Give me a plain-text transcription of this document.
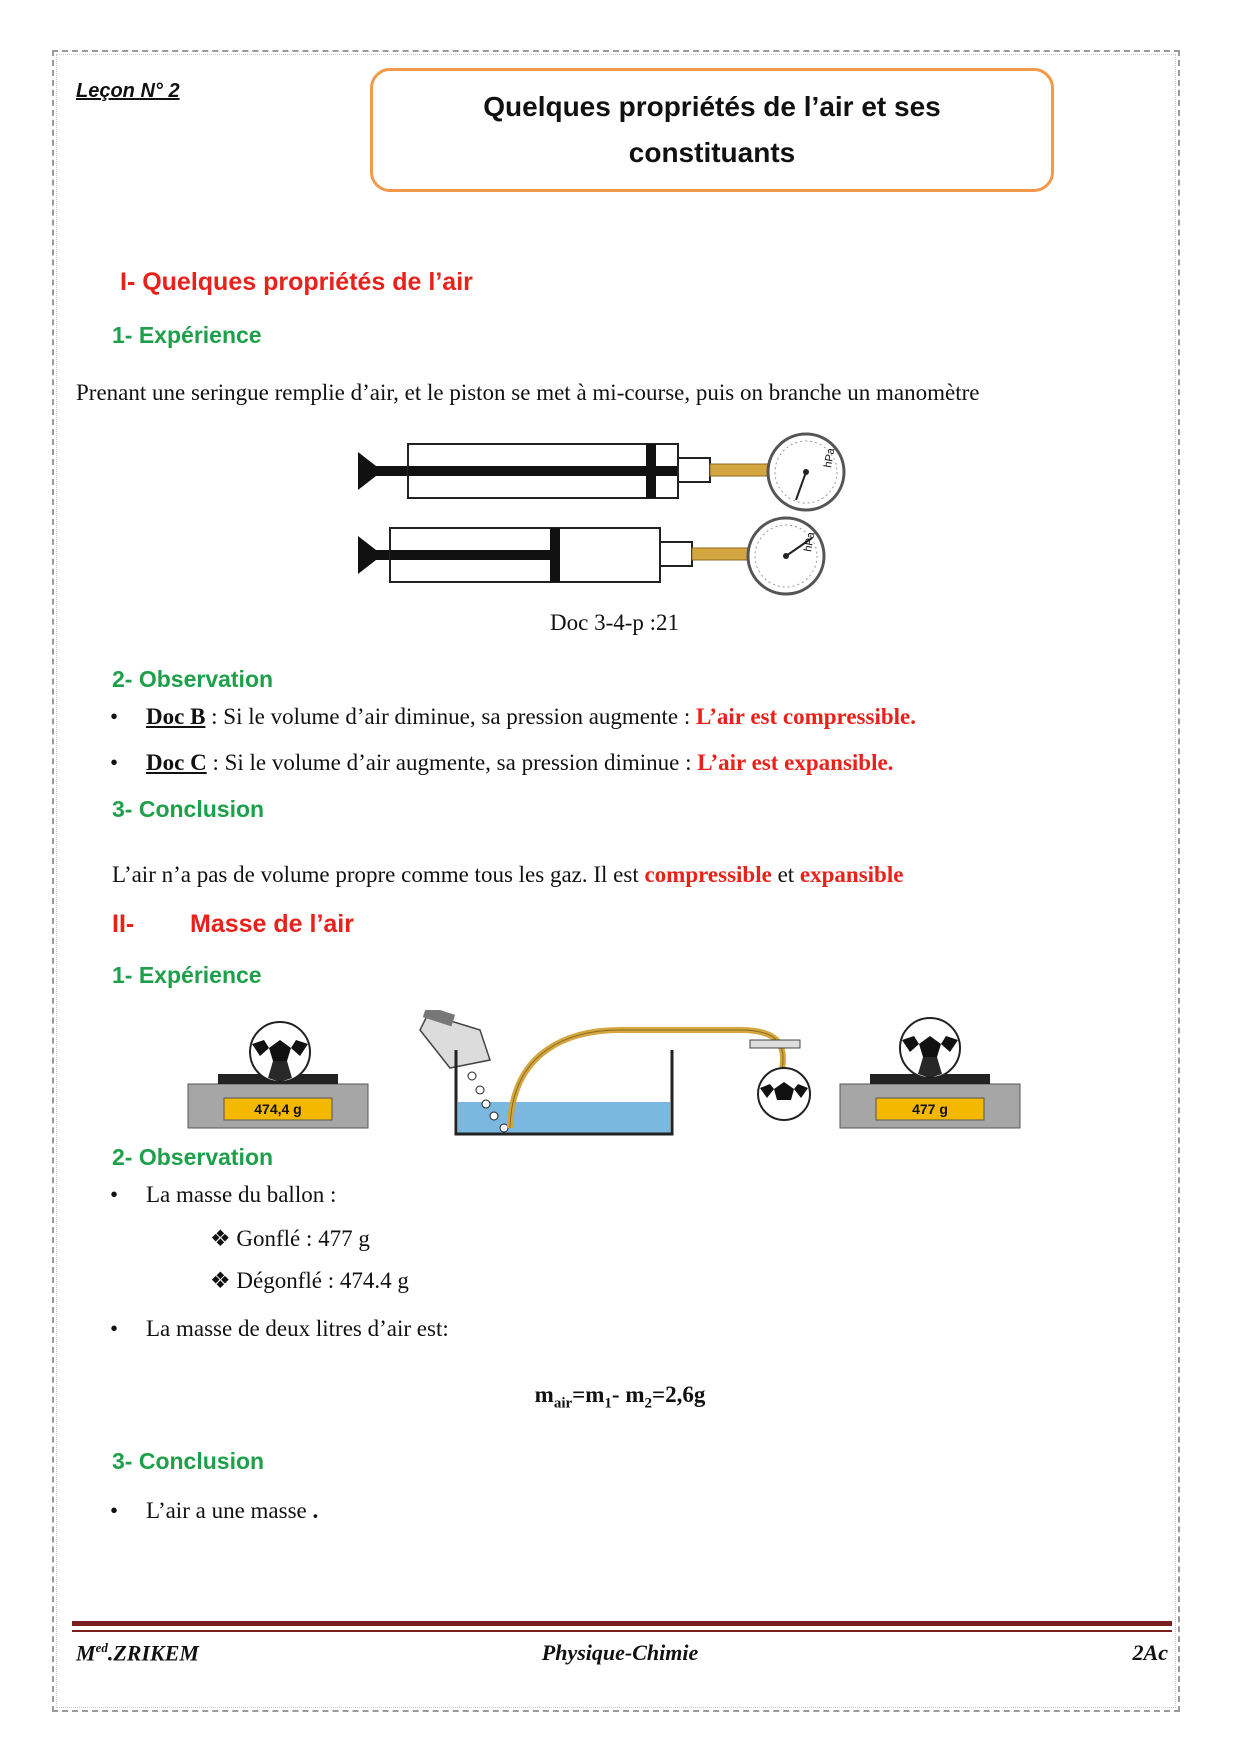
Leçon N° 2	Quelques propriétés de l’air et ses
constituants
I- Quelques propriétés de l’air
1- Expérience
Prenant une seringue remplie d’air, et le piston se met à mi-course, puis on branche un manomètre
hPa
hPa
Doc 3-4-p :21
2- Observation
• Doc B : Si le volume d’air diminue, sa pression augmente : L’air est compressible.
• Doc C : Si le volume d’air augmente, sa pression diminue : L’air est expansible.
3- Conclusion
L’air n’a pas de volume propre comme tous les gaz. Il est compressible et expansible
II- Masse de l’air
1- Expérience
474,4 g	477 g
2- Observation
• La masse du ballon :
❖ Gonflé : 477 g
❖ Dégonflé : 474.4 g
• La masse de deux litres d’air est:
$m_{air}=m_1-$ $m_2=2,6g$
3- Conclusion
• L’air a une masse .
$M^{ed}.ZRIKEM$	Physique-Chimie	2Ac
